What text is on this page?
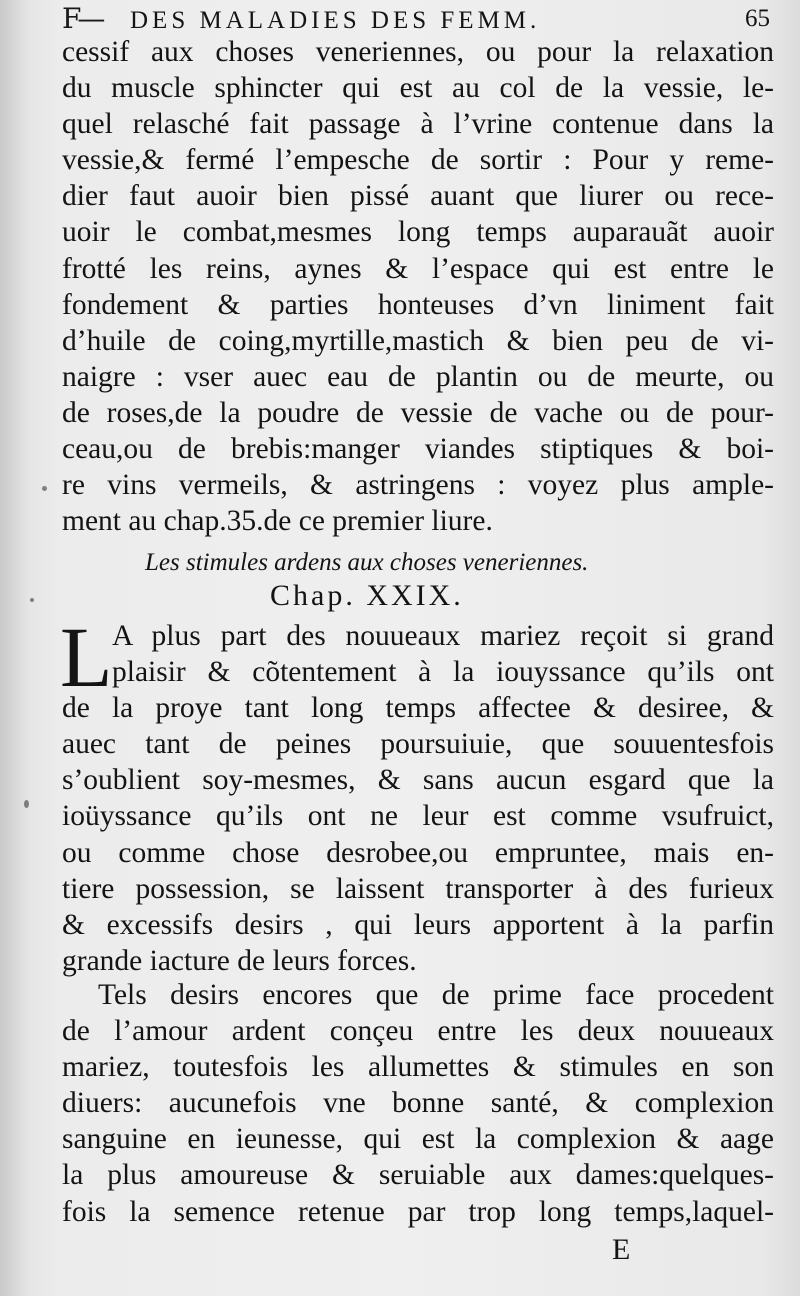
F—	DES MALADIES DES FEMM.	65
cessif aux choses veneriennes, ou pour la relaxation
du muscle sphincter qui est au col de la vessie, le-
quel relasché fait passage à l’vrine contenue dans la
vessie,& fermé l’empesche de sortir : Pour y reme-
dier faut auoir bien pissé auant que liurer ou rece-
uoir le combat,mesmes long temps auparauãt auoir
frotté les reins, aynes & l’espace qui est entre le
fondement & parties honteuses d’vn liniment fait
d’huile de coing,myrtille,mastich & bien peu de vi-
naigre : vser auec eau de plantin ou de meurte, ou
de roses,de la poudre de vessie de vache ou de pour-
ceau,ou de brebis:manger viandes stiptiques & boi-
re vins vermeils, & astringens : voyez plus ample-
ment au chap.35.de ce premier liure.
Les stimules ardens aux choses veneriennes.
Chap. XXIX.
L A plus part des nouueaux mariez reçoit si grand
plaisir & cõtentement à la iouyssance qu’ils ont
de la proye tant long temps affectee & desiree, &
auec tant de peines poursuiuie, que souuentesfois
s’oublient soy-mesmes, & sans aucun esgard que la
ioüyssance qu’ils ont ne leur est comme vsufruict,
ou comme chose desrobee,ou empruntee, mais en-
tiere possession, se laissent transporter à des furieux
& excessifs desirs , qui leurs apportent à la parfin
grande iacture de leurs forces.
Tels desirs encores que de prime face procedent
de l’amour ardent conçeu entre les deux nouueaux
mariez, toutesfois les allumettes & stimules en son
diuers: aucunefois vne bonne santé, & complexion
sanguine en ieunesse, qui est la complexion & aage
la plus amoureuse & seruiable aux dames:quelques-
fois la semence retenue par trop long temps,laquel-
E
